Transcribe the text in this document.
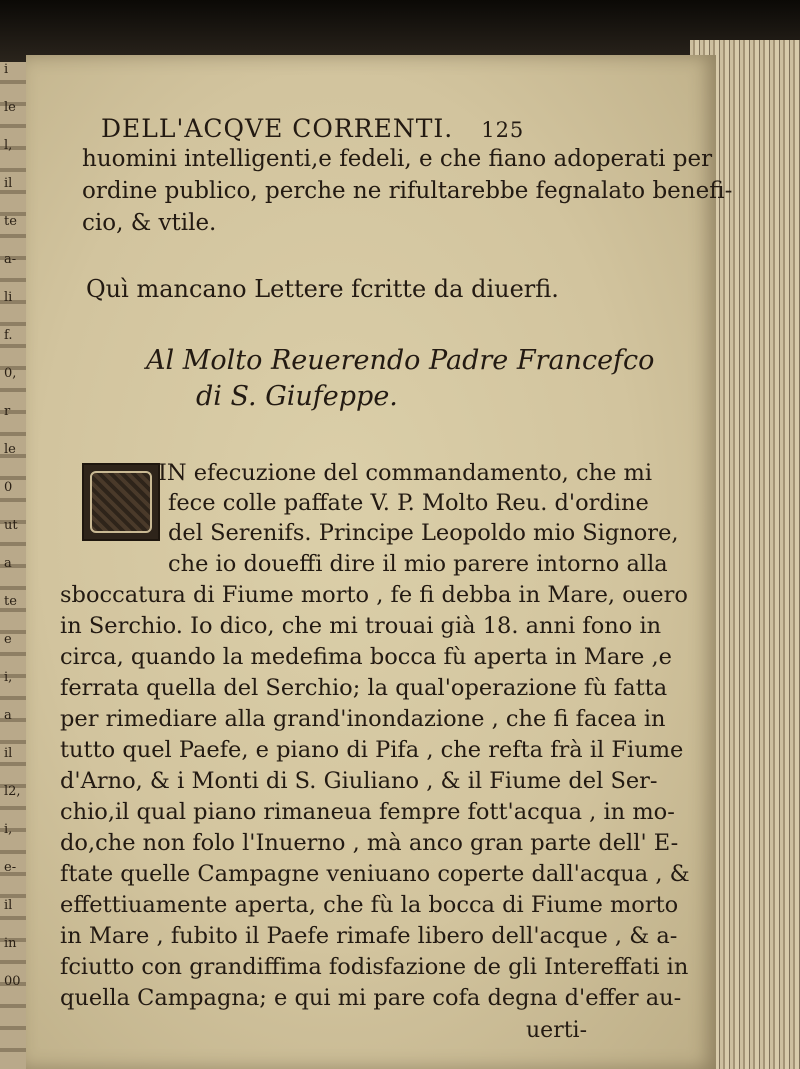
i
le
l,
il
te
a-
li
f.
0,
r
le
0
ut
a
te
e
i,
a
il
l2,
i,
e-
il
in
00
DELL'ACQVE CORRENTI. 125
huomini intelligenti,e fedeli, e che fiano adoperati per
ordine publico, perche ne rifultarebbe fegnalato benefi-
cio, & vtile.
Quì mancano Lettere fcritte da diuerfi.
Al Molto Reuerendo Padre Francefco
di S. Giufeppe.
IN efecuzione del commandamento, che mi
fece colle paffate V. P. Molto Reu. d'ordine
del Serenifs. Principe Leopoldo mio Signore,
che io doueffi dire il mio parere intorno alla
sboccatura di Fiume morto , fe fi debba in Mare, ouero
in Serchio. Io dico, che mi trouai già 18. anni fono in
circa, quando la medefima bocca fù aperta in Mare ,e
ferrata quella del Serchio; la qual'operazione fù fatta
per rimediare alla grand'inondazione , che fi facea in
tutto quel Paefe, e piano di Pifa , che refta frà il Fiume
d'Arno, & i Monti di S. Giuliano , & il Fiume del Ser-
chio,il qual piano rimaneua fempre fott'acqua , in mo-
do,che non folo l'Inuerno , mà anco gran parte dell' E-
ftate quelle Campagne veniuano coperte dall'acqua , &
effettiuamente aperta, che fù la bocca di Fiume morto
in Mare , fubito il Paefe rimafe libero dell'acque , & a-
fciutto con grandiffima fodisfazione de gli Intereffati in
quella Campagna; e qui mi pare cofa degna d'effer au-
uerti-
